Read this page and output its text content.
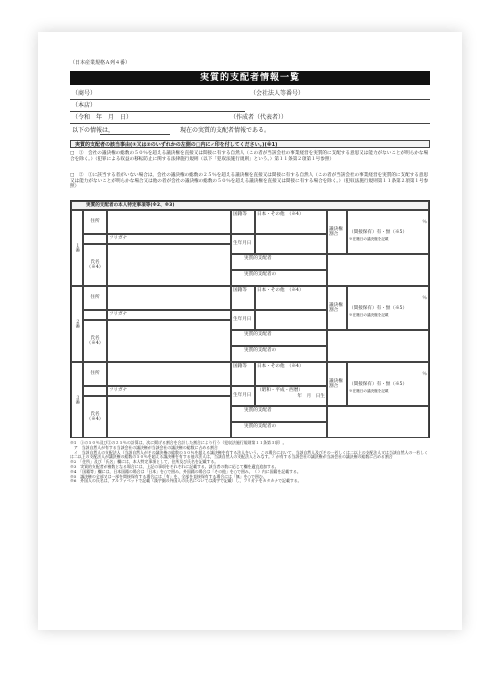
（日本産業規格Ａ列４番）
実質的支配者情報一覧
（商号）	（会社法人等番号）
（本店）
（令和　年　月　日）	（作成者（代表者））
以下の情報は，	現在の実質的支配者情報である。
実質的支配者の該当事由(①又は②のいずれかの左側の□内に✓印を付してください。)(※1)
□　①　会社の議決権の総数の５０％を超える議決権を直接又は間接に有する自然人（この者が当該会社の事業経営を実質的に支配する意思又は能力がないことが明らかな場合を除く。）（犯罪による収益の移転防止に関する法律施行規則（以下「犯収法施行規則」という。）第１１条第２項第１号参照）
□　②　①に該当する者がいない場合は，会社の議決権の総数の２５％を超える議決権を直接又は間接に有する自然人（この者が当該会社の事業経営を実質的に支配する意思又は能力がないことが明らかな場合又は他の者が会社の議決権の総数の５０％を超える議決権を直接又は間接に有する場合を除く。）（犯収法施行規則第１１条第２項第１号参照）
実質的支配者の本人特定事項等(※2、※3)
１番
住所
フリガナ
氏名（※4）
国籍等	日本・その他　（※4）
生年月日
実質的支配者
実質的支配者の
議決権割合
％
（間接保有）有・無（※5）
※在籍日の議決権を記載
２番
住所
フリガナ
氏名（※4）
国籍等	日本・その他　（※4）
生年月日
実質的支配者
実質的支配者の
議決権割合
％
（間接保有）有・無（※5）
※在籍日の議決権を記載
３番
住所
フリガナ
氏名（※4）
国籍等	日本・その他　（※4）
生年月日
（昭和・平成・西暦）
年　月　日生
実質的支配者
実質的支配者の
議決権割合
％
（間接保有）有・無（※5）
※在籍日の議決権を記載
※1　①の５０％及び②の２５％の計算は，次に掲げる割合を合計した割合により行う（犯収法施行規則第１１条第３項）。
　ア　当該自然人が有する当該会社の議決権が当該会社の議決権の総数に占める割合
　イ　当該自然人の支配法人（当該自然人がその議決権の総数の５０％を超える議決権を有する法人をいう。この場合において，当該自然人及びその一若しくは二以上の支配法人又は当該自然人の一若しくは二以上の支配法人が議決権の総数の５０％を超える議決権を有する他の法人は，当該自然人の支配法人とみなす。）が有する当該会社の議決権が当該会社の議決権の総数に占める割合
※2　「住所」及び「氏名」欄には，本人特定事項として，住所及び氏名を記載する。
※3　実質的支配者が複数となる場合には，上記の事項をそれぞれに記載する。該当者の数に応じて欄を適宜追加する。
※4　「国籍等」欄には，日本国籍の場合は「日本」を○で囲み，外国籍の場合は「その他」を○で囲み，（ ）内に国籍を記載する。
※5　議決権の全部又は一部を間接保有する場合には「有」を，全部を直接保有する場合には「無」を○で囲む。
※6　外国人の氏名は，アルファベットで記載（漢字圏の外国人の氏名については漢字で記載）し，フリガナをカタカナで記載する。
